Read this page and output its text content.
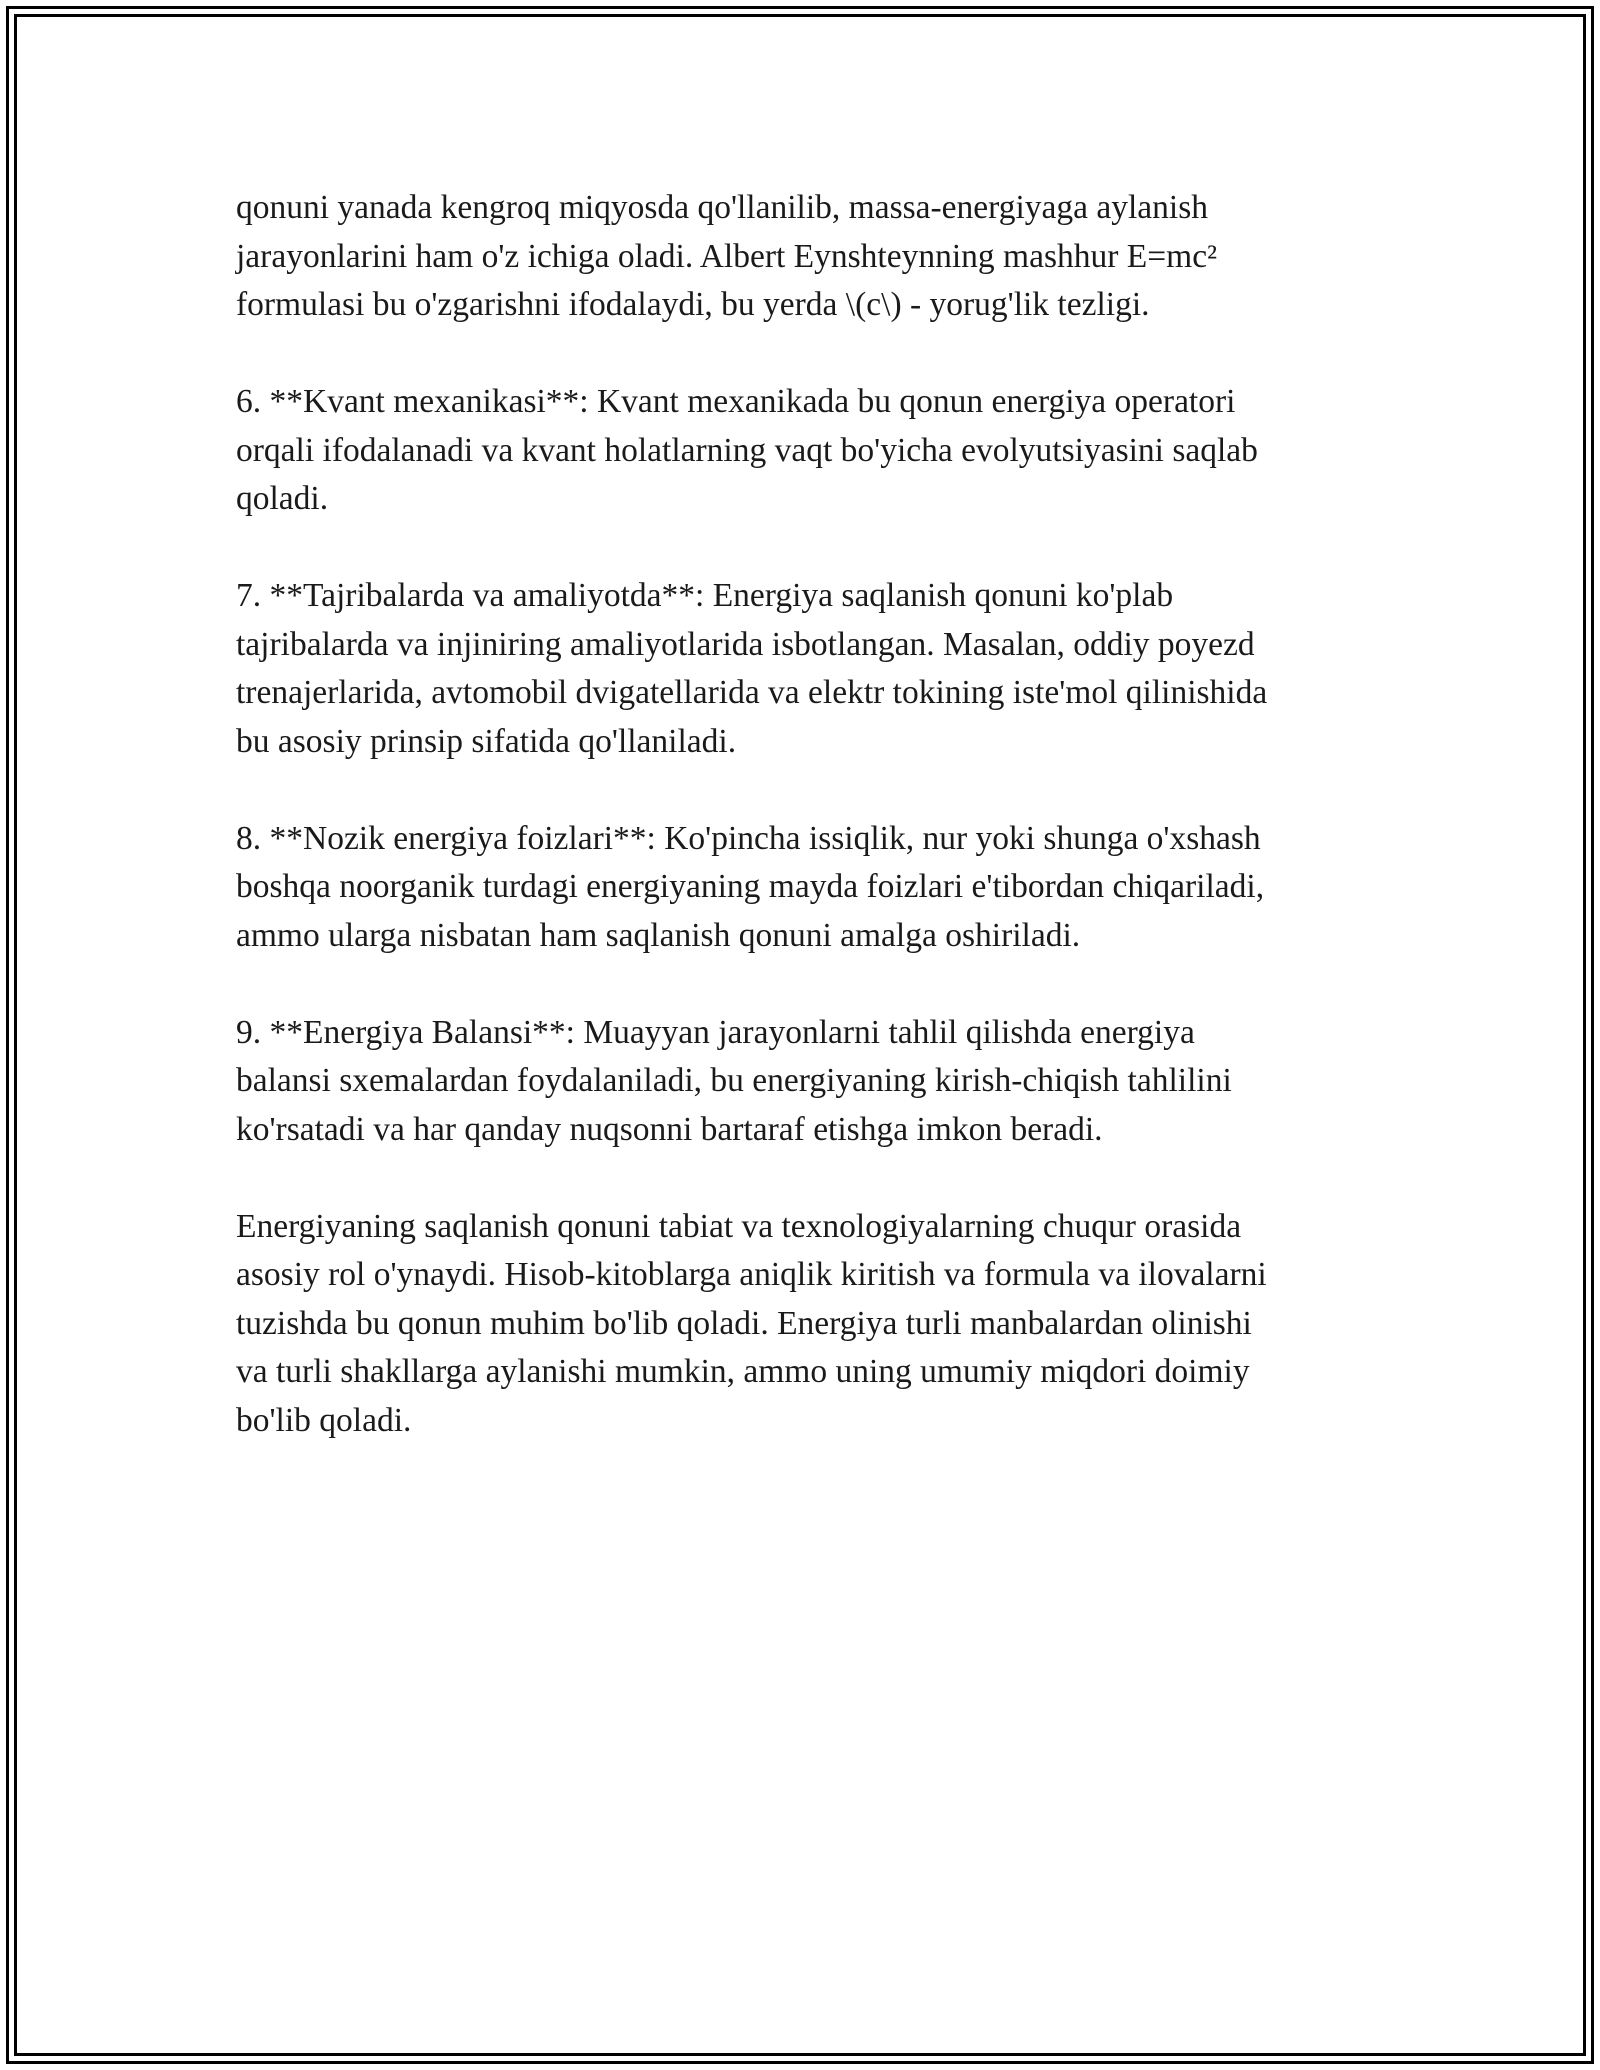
qonuni yanada kengroq miqyosda qo'llanilib, massa-energiyaga aylanish
jarayonlarini ham o'z ichiga oladi. Albert Eynshteynning mashhur E=mc²
formulasi bu o'zgarishni ifodalaydi, bu yerda \(c\) - yorug'lik tezligi.

6. **Kvant mexanikasi**: Kvant mexanikada bu qonun energiya operatori
orqali ifodalanadi va kvant holatlarning vaqt bo'yicha evolyutsiyasini saqlab
qoladi.

7. **Tajribalarda va amaliyotda**: Energiya saqlanish qonuni ko'plab
tajribalarda va injiniring amaliyotlarida isbotlangan. Masalan, oddiy poyezd
trenajerlarida, avtomobil dvigatellarida va elektr tokining iste'mol qilinishida
bu asosiy prinsip sifatida qo'llaniladi.

8. **Nozik energiya foizlari**: Ko'pincha issiqlik, nur yoki shunga o'xshash
boshqa noorganik turdagi energiyaning mayda foizlari e'tibordan chiqariladi,
ammo ularga nisbatan ham saqlanish qonuni amalga oshiriladi.

9. **Energiya Balansi**: Muayyan jarayonlarni tahlil qilishda energiya
balansi sxemalardan foydalaniladi, bu energiyaning kirish-chiqish tahlilini
ko'rsatadi va har qanday nuqsonni bartaraf etishga imkon beradi.

Energiyaning saqlanish qonuni tabiat va texnologiyalarning chuqur orasida
asosiy rol o'ynaydi. Hisob-kitoblarga aniqlik kiritish va formula va ilovalarni
tuzishda bu qonun muhim bo'lib qoladi. Energiya turli manbalardan olinishi
va turli shakllarga aylanishi mumkin, ammo uning umumiy miqdori doimiy
bo'lib qoladi.
